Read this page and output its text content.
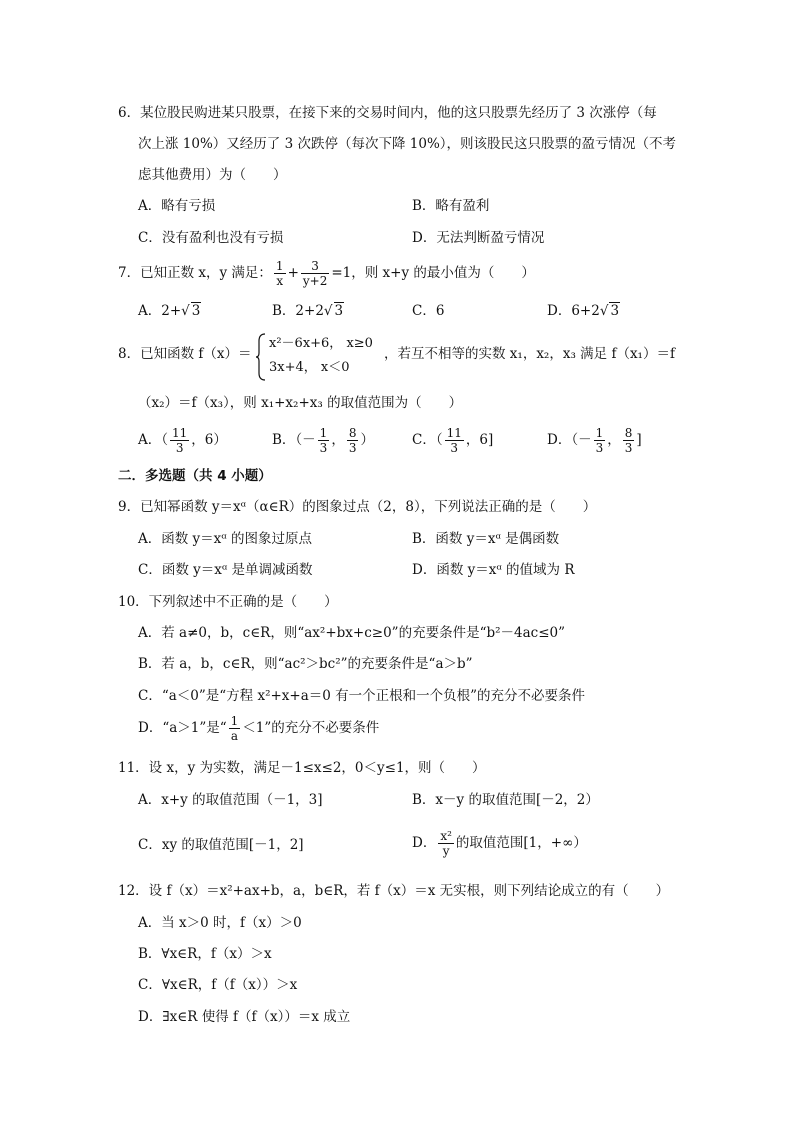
6．某位股民购进某只股票，在接下来的交易时间内，他的这只股票先经历了 3 次涨停（每
次上涨 10%）又经历了 3 次跌停（每次下降 10%），则该股民这只股票的盈亏情况（不考
虑其他费用）为（　　）
A．略有亏损	B．略有盈利
C．没有盈利也没有亏损	D．无法判断盈亏情况
7．已知正数 x，y 满足： $\frac{1}{x} + \frac{3}{y+2} =1$，则 x+y 的最小值为（　　）
A．2+√ 3	B．2+2√ 3	C．6	D．6+2√ 3
8．已知函数 f（x）＝
x²－6x+6， x≥0
3x+4， x＜0
，若互不相等的实数 x₁，x₂，x₃ 满足 f（x₁）＝f
（x₂）＝f（x₃），则 x₁+x₂+x₃ 的取值范围为（　　）
A．（ $\frac{11}{3}$ ，6）	B．（－ $\frac{1}{3}$ ， $\frac{8}{3}$ ）	C．（ $\frac{11}{3}$ ，6]	D．（－ $\frac{1}{3}$ ， $\frac{8}{3}$ ]
二．多选题（共 4 小题）
9．已知幂函数 y＝xᵅ（α∈R）的图象过点（2，8），下列说法正确的是（　　）
A．函数 y＝xᵅ 的图象过原点	B．函数 y＝xᵅ 是偶函数
C．函数 y＝xᵅ 是单调减函数	D．函数 y＝xᵅ 的值域为 R
10．下列叙述中不正确的是（　　）
A．若 a≠0，b，c∈R，则“ax²+bx+c≥0”的充要条件是“b²－4ac≤0”
B．若 a，b，c∈R，则“ac²＞bc²”的充要条件是“a＞b”
C．“a＜0”是“方程 x²+x+a＝0 有一个正根和一个负根”的充分不必要条件
D．“a＞1”是“ $\frac{1}{a} <1$”的充分不必要条件
11．设 x，y 为实数，满足－1≤x≤2，0＜y≤1，则（　　）
A．x+y 的取值范围（－1，3]	B．x－y 的取值范围[－2，2）
C．xy 的取值范围[－1，2]	D． $\frac{\text{x²}}{y}$ 的取值范围[1，+∞）
12．设 f（x）＝x²+ax+b，a，b∈R，若 f（x）＝x 无实根，则下列结论成立的有（　　）
A．当 x＞0 时，f（x）＞0
B．∀x∈R，f（x）＞x
C．∀x∈R，f（f（x））＞x
D．∃x∈R 使得 f（f（x））＝x 成立
